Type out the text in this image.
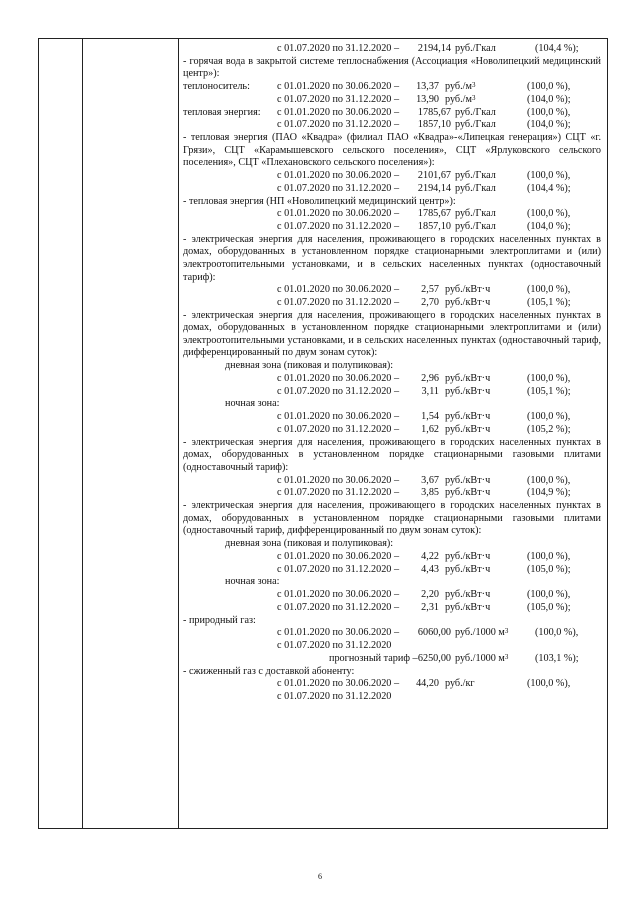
с 01.07.2020 по 31.12.2020 –	2194,14 руб./Гкал	(104,4 %);
- горячая вода в закрытой системе теплоснабжения (Ассоциация «Новолипецкий медицинский центр»):
теплоноситель:	с 01.01.2020 по 30.06.2020 –	13,37 $руб./м^3$	(100,0 %),
с 01.07.2020 по 31.12.2020 –	13,90 $руб./м^3$	(104,0 %);
тепловая энергия: с 01.01.2020 по 30.06.2020 –	1785,67 руб./Гкал	(100,0 %),
с 01.07.2020 по 31.12.2020 –	1857,10 руб./Гкал	(104,0 %);
- тепловая энергия (ПАО «Квадра» (филиал ПАО «Квадра»-«Липецкая генерация») СЦТ «г. Грязи», СЦТ «Карамышевского сельского поселения», СЦТ «Ярлуковского сельского поселения», СЦТ «Плехановского сельского поселения»):
с 01.01.2020 по 30.06.2020 –	2101,67 руб./Гкал	(100,0 %),
с 01.07.2020 по 31.12.2020 –	2194,14 руб./Гкал	(104,4 %);
- тепловая энергия (НП «Новолипецкий медицинский центр»):
с 01.01.2020 по 30.06.2020 –	1785,67 руб./Гкал	(100,0 %),
с 01.07.2020 по 31.12.2020 –	1857,10 руб./Гкал	(104,0 %);
- электрическая энергия для населения, проживающего в городских населенных пунктах в домах, оборудованных в установленном порядке стационарными электроплитами и (или) электроотопительными установками, и в сельских населенных пунктах (одноставочный тариф):
с 01.01.2020 по 30.06.2020 –	2,57 руб./кВт·ч	(100,0 %),
с 01.07.2020 по 31.12.2020 –	2,70 руб./кВт·ч	(105,1 %);
- электрическая энергия для населения, проживающего в городских населенных пунктах в домах, оборудованных в установленном порядке стационарными электроплитами и (или) электроотопительными установками, и в сельских населенных пунктах (одноставочный тариф, дифференцированный по двум зонам суток):
дневная зона (пиковая и полупиковая):
с 01.01.2020 по 30.06.2020 –	2,96 руб./кВт·ч	(100,0 %),
с 01.07.2020 по 31.12.2020 –	3,11 руб./кВт·ч	(105,1 %);
ночная зона:
с 01.01.2020 по 30.06.2020 –	1,54 руб./кВт·ч	(100,0 %),
с 01.07.2020 по 31.12.2020 –	1,62 руб./кВт·ч	(105,2 %);
- электрическая энергия для населения, проживающего в городских населенных пунктах в домах, оборудованных в установленном порядке стационарными газовыми плитами (одноставочный тариф):
с 01.01.2020 по 30.06.2020 –	3,67 руб./кВт·ч	(100,0 %),
с 01.07.2020 по 31.12.2020 –	3,85 руб./кВт·ч	(104,9 %);
- электрическая энергия для населения, проживающего в городских населенных пунктах в домах, оборудованных в установленном порядке стационарными газовыми плитами (одноставочный тариф, дифференцированный по двум зонам суток):
дневная зона (пиковая и полупиковая):
с 01.01.2020 по 30.06.2020 –	4,22 руб./кВт·ч	(100,0 %),
с 01.07.2020 по 31.12.2020 –	4,43 руб./кВт·ч	(105,0 %);
ночная зона:
с 01.01.2020 по 30.06.2020 –	2,20 руб./кВт·ч	(100,0 %),
с 01.07.2020 по 31.12.2020 –	2,31 руб./кВт·ч	(105,0 %);
- природный газ:
с 01.01.2020 по 30.06.2020 –	6060,00 руб./1000 $м^3$	(100,0 %),
с 01.07.2020 по 31.12.2020
прогнозный тариф – 6250,00 руб./1000 $м^3$	(103,1 %);
- сжиженный газ с доставкой абоненту:
с 01.01.2020 по 30.06.2020 –	44,20 руб./кг	(100,0 %),
с 01.07.2020 по 31.12.2020
6
